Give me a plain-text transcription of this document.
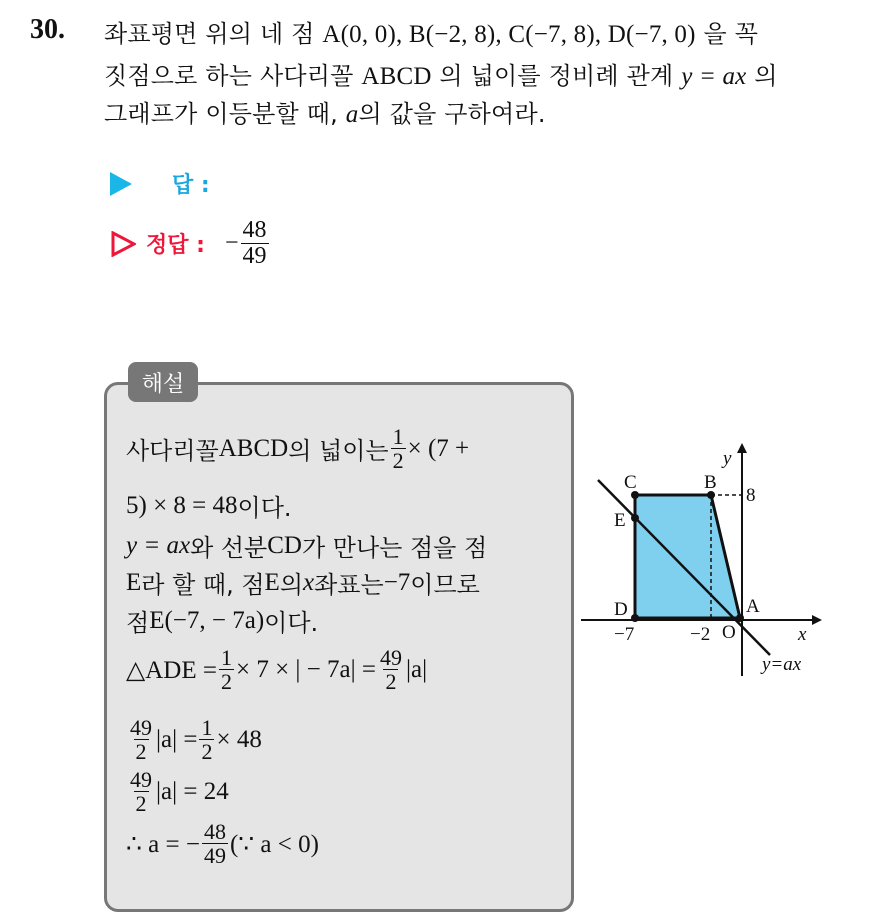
30. 좌표평면 위의 네 점 A(0, 0), B(−2, 8), C(−7, 8), D(−7, 0) 을 꼭
짓점으로 하는 사다리꼴 ABCD 의 넓이를 정비례 관계 y = ax 의
그래프가 이등분할 때, a의 값을 구하여라.
답 :
정답 : − $\frac{48}{49}$
해설
사다리꼴 ABCD 의 넓이는 $\frac{1}{2} \times (7$ +
5) × 8 = 48 이다.
y = ax 와 선분 CD 가 만나는 점을 점
E 라 할 때, 점 E 의 x 좌표는 −7 이므로
점 E(−7, − 7a) 이다.
△ADE = $\frac{1}{2} \times 7$ × | − $7a| = \frac{49}{2} |a|$
$\frac{49}{2} |a| = \frac{1}{2} \times 48$
$\frac{49}{2} |a| = 24$
∴ a = − $\frac{48}{49}$ (∵ a < 0)
y
x
C	B
E
D	A
O
8
−7	−2
y=ax
